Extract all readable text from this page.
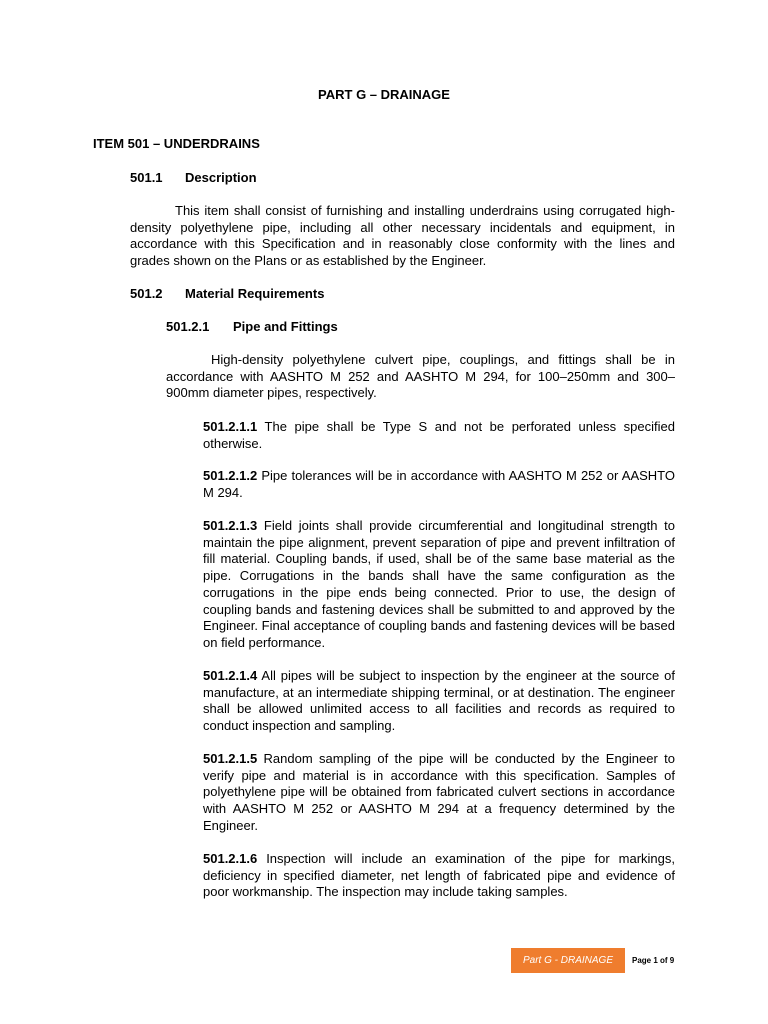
PART G – DRAINAGE
ITEM 501 – UNDERDRAINS
501.1 Description
This item shall consist of furnishing and installing underdrains using corrugated high-density polyethylene pipe, including all other necessary incidentals and equipment, in accordance with this Specification and in reasonably close conformity with the lines and grades shown on the Plans or as established by the Engineer.
501.2 Material Requirements
501.2.1 Pipe and Fittings
High-density polyethylene culvert pipe, couplings, and fittings shall be in accordance with AASHTO M 252 and AASHTO M 294, for 100–250mm and 300–900mm diameter pipes, respectively.
501.2.1.1 The pipe shall be Type S and not be perforated unless specified otherwise.
501.2.1.2 Pipe tolerances will be in accordance with AASHTO M 252 or AASHTO M 294.
501.2.1.3 Field joints shall provide circumferential and longitudinal strength to maintain the pipe alignment, prevent separation of pipe and prevent infiltration of fill material. Coupling bands, if used, shall be of the same base material as the pipe. Corrugations in the bands shall have the same configuration as the corrugations in the pipe ends being connected. Prior to use, the design of coupling bands and fastening devices shall be submitted to and approved by the Engineer. Final acceptance of coupling bands and fastening devices will be based on field performance.
501.2.1.4 All pipes will be subject to inspection by the engineer at the source of manufacture, at an intermediate shipping terminal, or at destination. The engineer shall be allowed unlimited access to all facilities and records as required to conduct inspection and sampling.
501.2.1.5 Random sampling of the pipe will be conducted by the Engineer to verify pipe and material is in accordance with this specification. Samples of polyethylene pipe will be obtained from fabricated culvert sections in accordance with AASHTO M 252 or AASHTO M 294 at a frequency determined by the Engineer.
501.2.1.6 Inspection will include an examination of the pipe for markings, deficiency in specified diameter, net length of fabricated pipe and evidence of poor workmanship. The inspection may include taking samples.
Part G - DRAINAGE	Page 1 of 9
